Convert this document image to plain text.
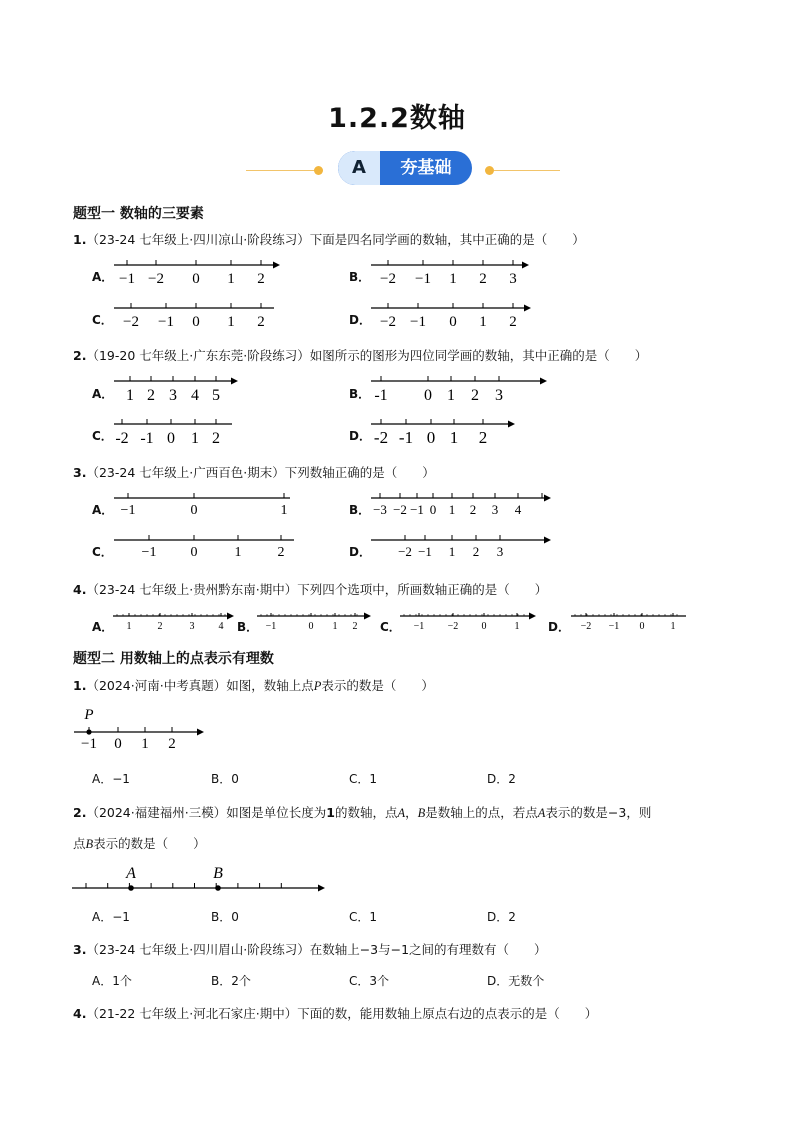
1.2.2数轴
A	夯基础
题型一 数轴的三要素
1.（23-24 七年级上·四川凉山·阶段练习）下面是四名同学画的数轴，其中正确的是（　　）
A．	B．
C．	D．
−1 −2 0 1 2	−2 −1 1 2 3
−2 −1 0 1 2	−2 −1 0 1 2
2.（19-20 七年级上·广东东莞·阶段练习）如图所示的图形为四位同学画的数轴，其中正确的是（　　）
A．	B．
C．	D．
1 2 3 4 5	-1 0 1 2 3
-2 -1 0 1 2	-2 -1 0 1 2
3.（23-24 七年级上·广西百色·期末）下列数轴正确的是（　　）
A．	B．
C．	D．
−1	0	1	−3 −2 −1 0 1 2 3 4
−1 0	1	2	−2 −1 1 2 3
4.（23-24 七年级上·贵州黔东南·期中）下列四个选项中，所画数轴正确的是（　　）
A．	B．	C．	D．
1	2	3 4	−1	0 1 2	−1 −2 0	1	−2 −1 0	1
题型二 用数轴上的点表示有理数
1.（2024·河南·中考真题）如图，数轴上点P表示的数是（　　）
−1 0 1 2
P
A．−1	B．0	C．1	D．2
2.（2024·福建福州·三模）如图是单位长度为1的数轴，点A，B是数轴上的点，若点A表示的数是−3，则
点B表示的数是（　　）
A	B
A．−1	B．0	C．1	D．2
3.（23-24 七年级上·四川眉山·阶段练习）在数轴上−3与−1之间的有理数有（　　）
A．1个	B．2个	C．3个	D．无数个
4.（21-22 七年级上·河北石家庄·期中）下面的数，能用数轴上原点右边的点表示的是（　　）
